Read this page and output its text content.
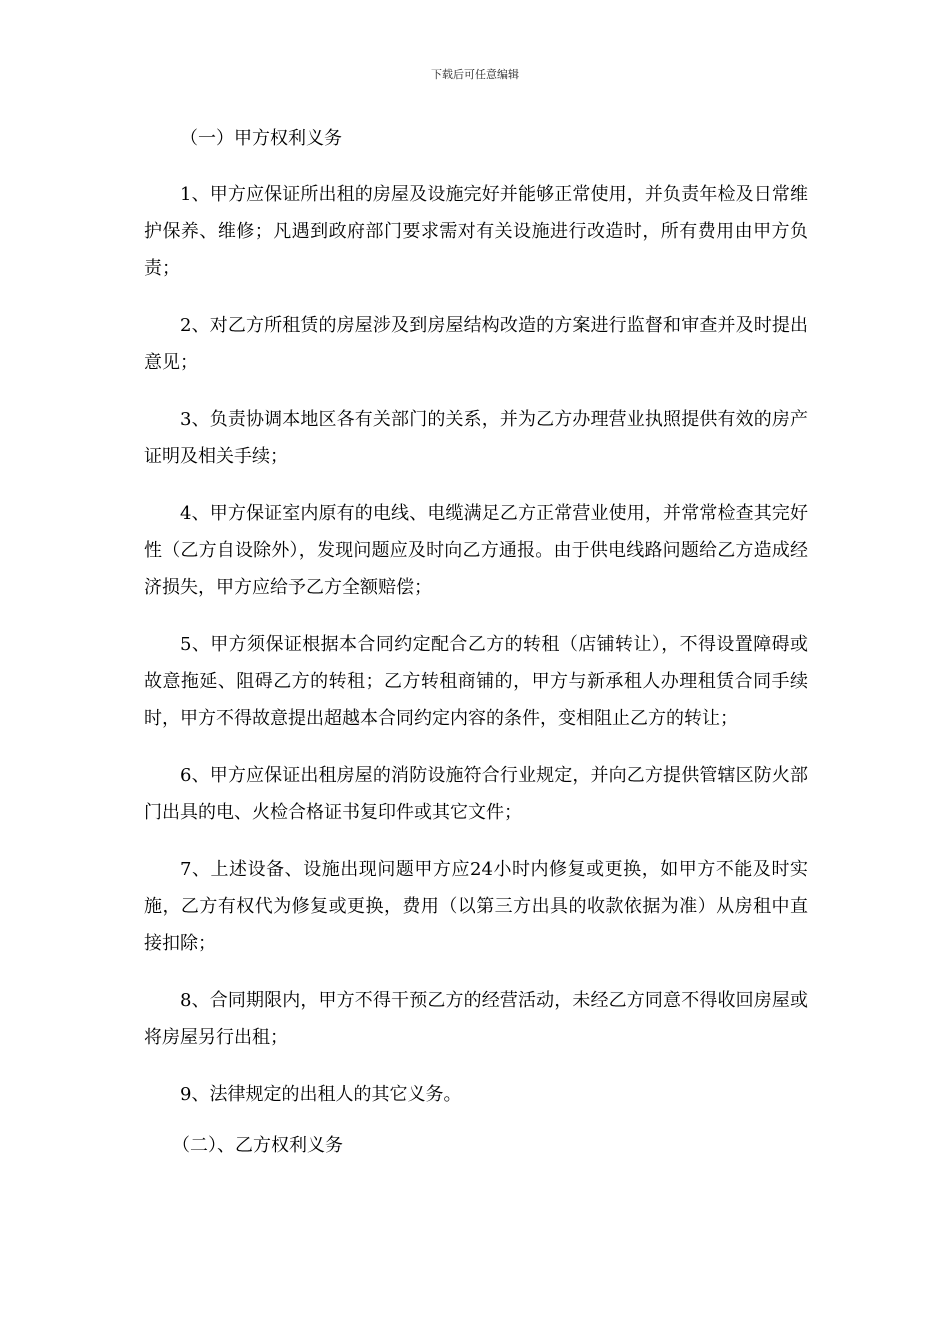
下载后可任意编辑
（一）甲方权利义务

1、甲方应保证所出租的房屋及设施完好并能够正常使用，并负责年检及日常维护保养、维修；凡遇到政府部门要求需对有关设施进行改造时，所有费用由甲方负责；

2、对乙方所租赁的房屋涉及到房屋结构改造的方案进行监督和审查并及时提出意见；

3、负责协调本地区各有关部门的关系，并为乙方办理营业执照提供有效的房产证明及相关手续；

4、甲方保证室内原有的电线、电缆满足乙方正常营业使用，并常常检查其完好性（乙方自设除外），发现问题应及时向乙方通报。由于供电线路问题给乙方造成经济损失，甲方应给予乙方全额赔偿；

5、甲方须保证根据本合同约定配合乙方的转租（店铺转让），不得设置障碍或故意拖延、阻碍乙方的转租；乙方转租商铺的，甲方与新承租人办理租赁合同手续时，甲方不得故意提出超越本合同约定内容的条件，变相阻止乙方的转让；

6、甲方应保证出租房屋的消防设施符合行业规定，并向乙方提供管辖区防火部门出具的电、火检合格证书复印件或其它文件；

7、上述设备、设施出现问题甲方应24小时内修复或更换，如甲方不能及时实施，乙方有权代为修复或更换，费用（以第三方出具的收款依据为准）从房租中直接扣除；

8、合同期限内，甲方不得干预乙方的经营活动，未经乙方同意不得收回房屋或将房屋另行出租；

9、法律规定的出租人的其它义务。

（二）、乙方权利义务
